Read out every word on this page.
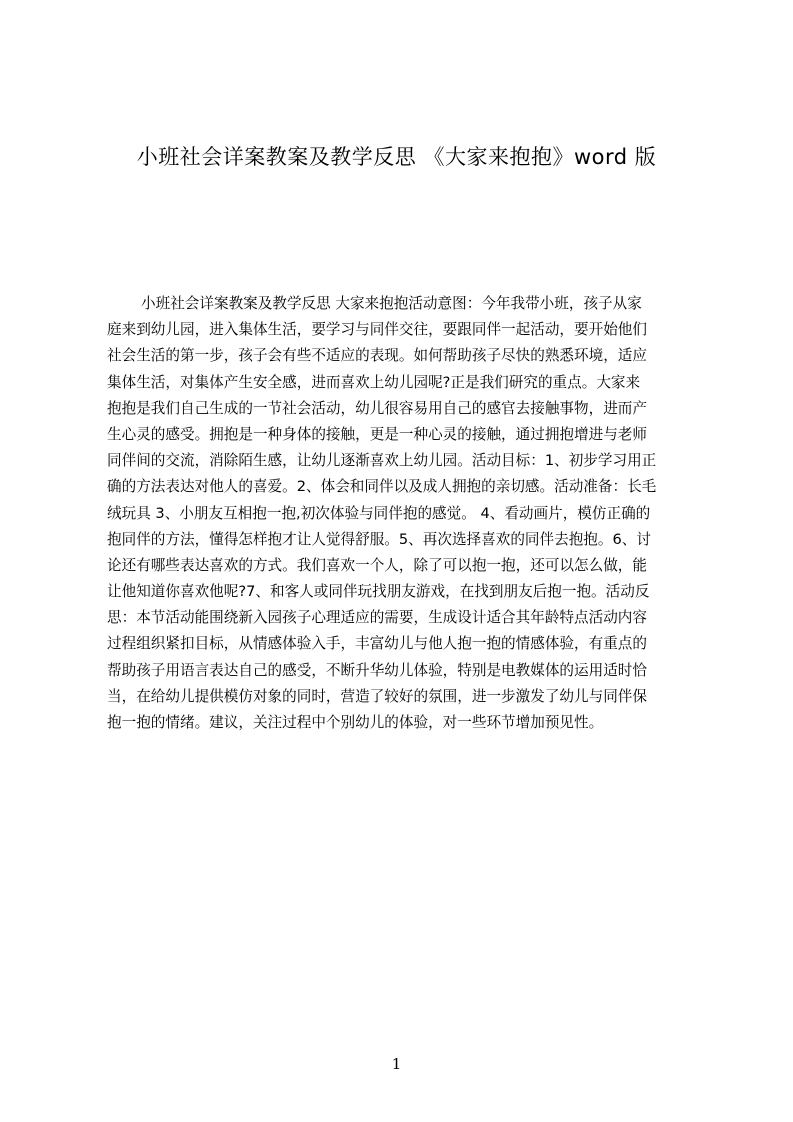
小班社会详案教案及教学反思 《大家来抱抱》word 版
小班社会详案教案及教学反思 大家来抱抱活动意图：今年我带小班，孩子从家
庭来到幼儿园，进入集体生活，要学习与同伴交往，要跟同伴一起活动，要开始他们
社会生活的第一步，孩子会有些不适应的表现。如何帮助孩子尽快的熟悉环境，适应
集体生活，对集体产生安全感，进而喜欢上幼儿园呢?正是我们研究的重点。大家来
抱抱是我们自己生成的一节社会活动，幼儿很容易用自己的感官去接触事物，进而产
生心灵的感受。拥抱是一种身体的接触，更是一种心灵的接触，通过拥抱增进与老师
同伴间的交流，消除陌生感，让幼儿逐渐喜欢上幼儿园。活动目标：1、初步学习用正
确的方法表达对他人的喜爱。2、体会和同伴以及成人拥抱的亲切感。活动准备：长毛
绒玩具 3、小朋友互相抱一抱,初次体验与同伴抱的感觉。 4、看动画片，模仿正确的
抱同伴的方法，懂得怎样抱才让人觉得舒服。5、再次选择喜欢的同伴去抱抱。6、讨
论还有哪些表达喜欢的方式。我们喜欢一个人，除了可以抱一抱，还可以怎么做，能
让他知道你喜欢他呢?7、和客人或同伴玩找朋友游戏，在找到朋友后抱一抱。活动反
思：本节活动能围绕新入园孩子心理适应的需要，生成设计适合其年龄特点活动内容
过程组织紧扣目标，从情感体验入手，丰富幼儿与他人抱一抱的情感体验，有重点的
帮助孩子用语言表达自己的感受，不断升华幼儿体验，特别是电教媒体的运用适时恰
当，在给幼儿提供模仿对象的同时，营造了较好的氛围，进一步激发了幼儿与同伴保
抱一抱的情绪。建议，关注过程中个别幼儿的体验，对一些环节增加预见性。
1
